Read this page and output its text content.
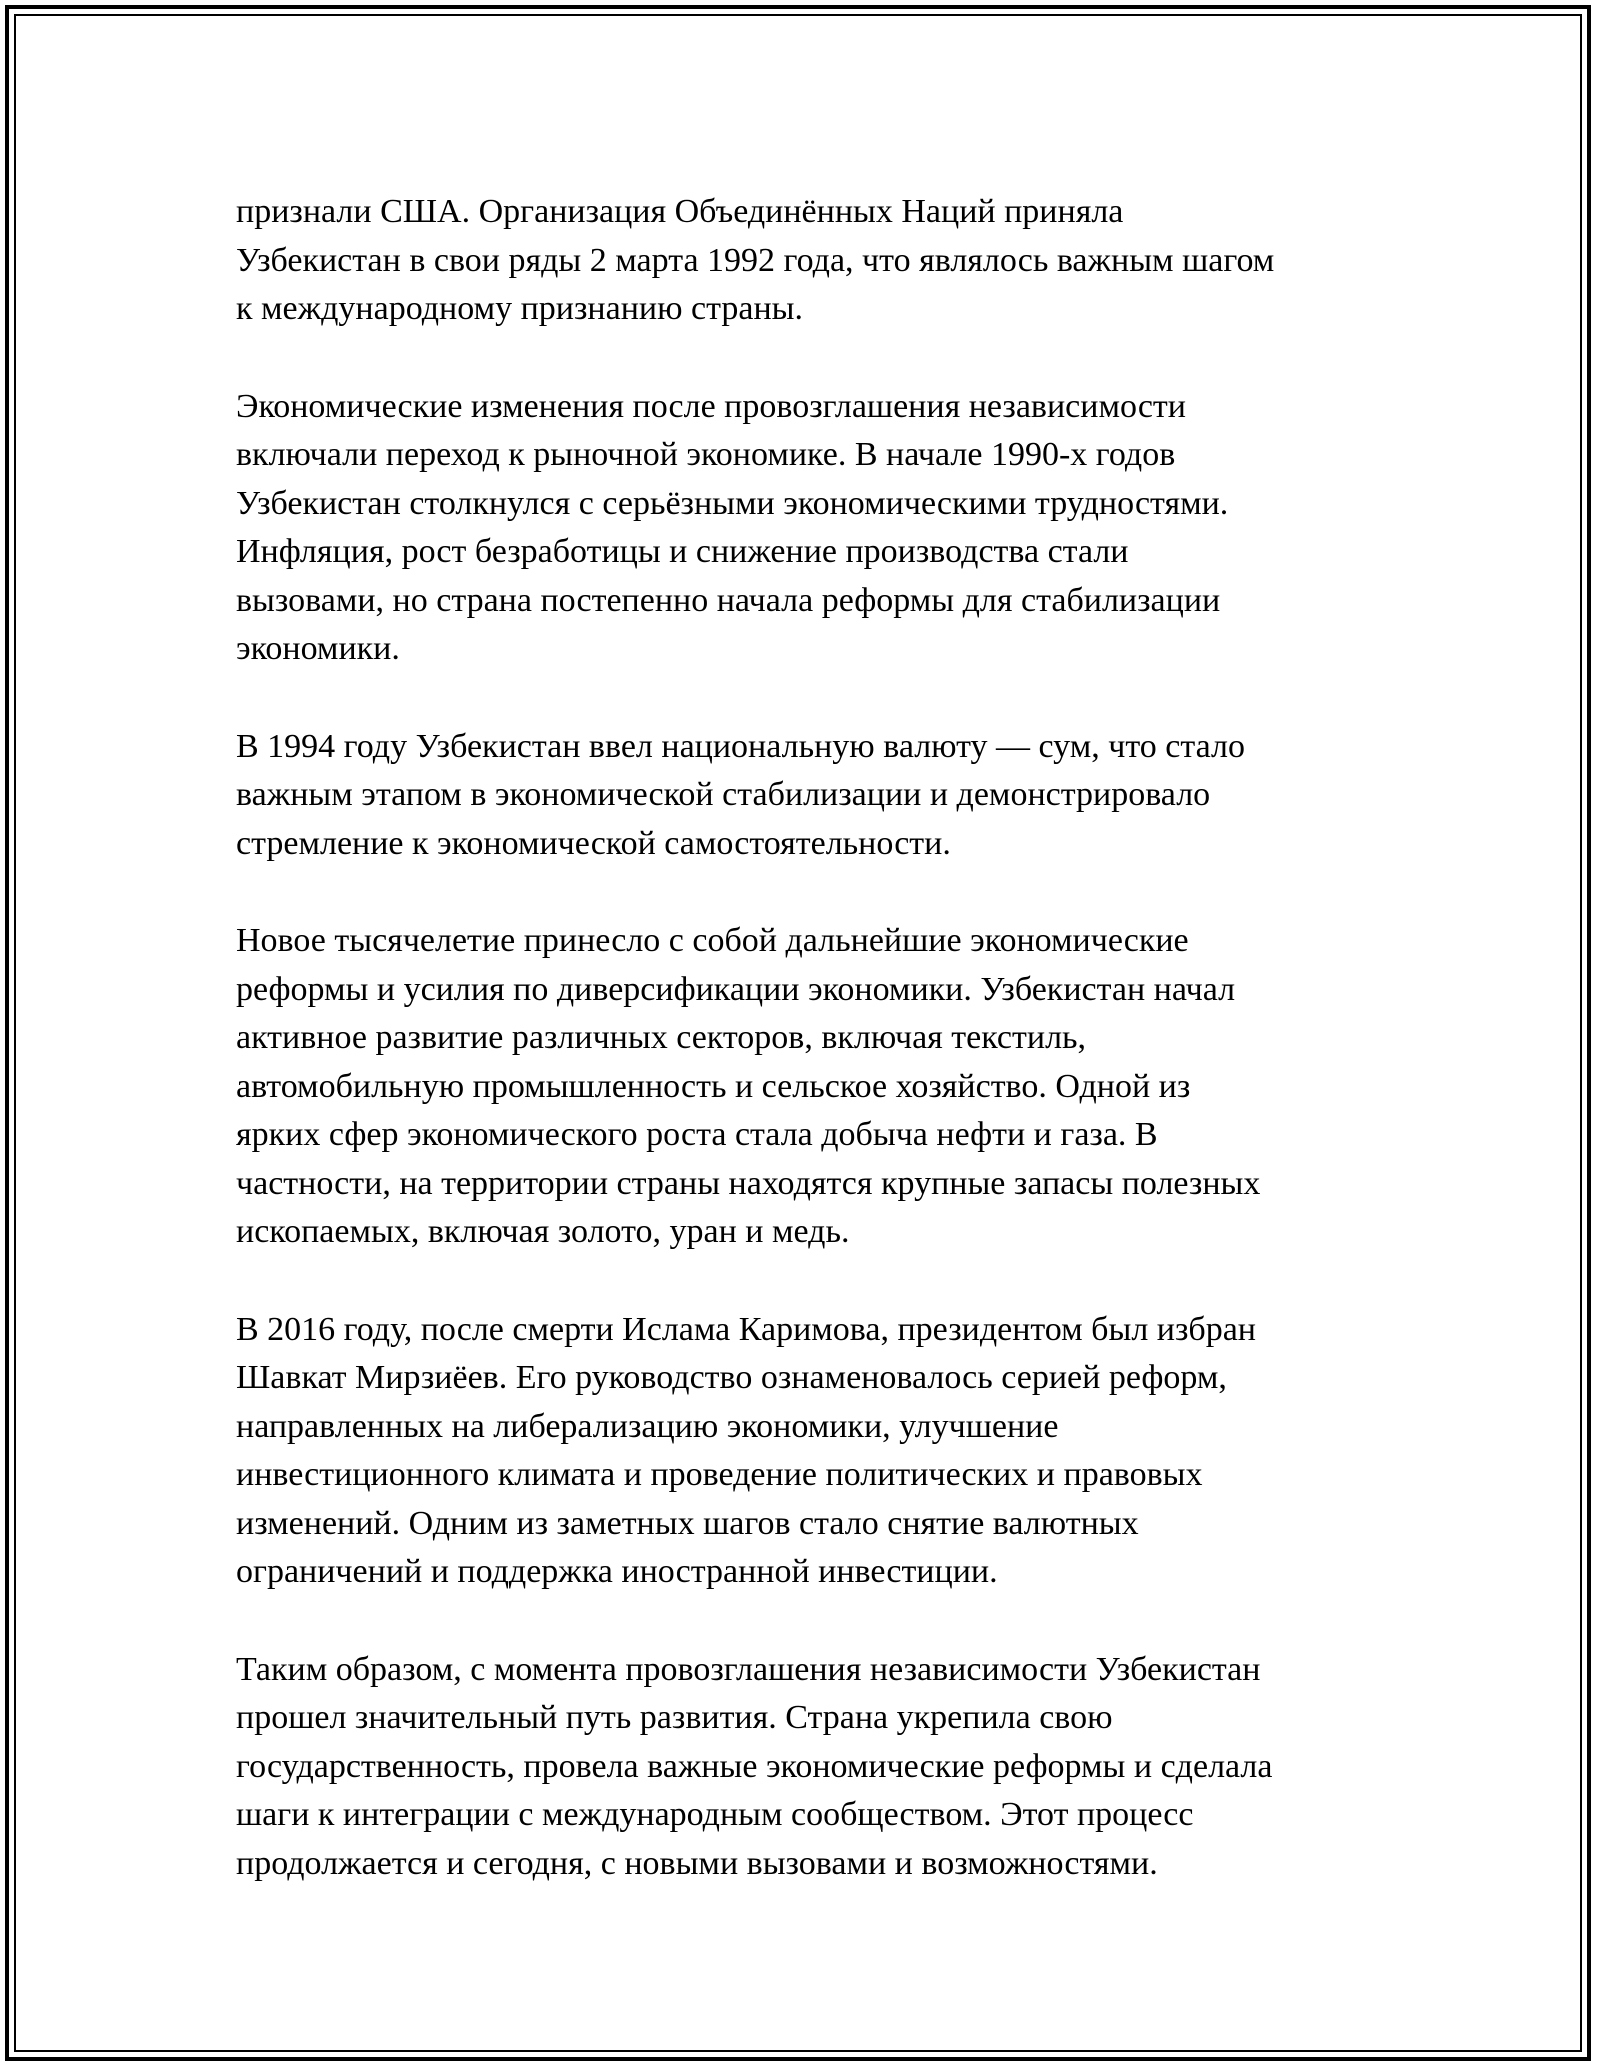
признали США. Организация Объединённых Наций приняла
Узбекистан в свои ряды 2 марта 1992 года, что являлось важным шагом
к международному признанию страны.

Экономические изменения после провозглашения независимости
включали переход к рыночной экономике. В начале 1990-х годов
Узбекистан столкнулся с серьёзными экономическими трудностями.
Инфляция, рост безработицы и снижение производства стали
вызовами, но страна постепенно начала реформы для стабилизации
экономики.

В 1994 году Узбекистан ввел национальную валюту — сум, что стало
важным этапом в экономической стабилизации и демонстрировало
стремление к экономической самостоятельности.

Новое тысячелетие принесло с собой дальнейшие экономические
реформы и усилия по диверсификации экономики. Узбекистан начал
активное развитие различных секторов, включая текстиль,
автомобильную промышленность и сельское хозяйство. Одной из
ярких сфер экономического роста стала добыча нефти и газа. В
частности, на территории страны находятся крупные запасы полезных
ископаемых, включая золото, уран и медь.

В 2016 году, после смерти Ислама Каримова, президентом был избран
Шавкат Мирзиёев. Его руководство ознаменовалось серией реформ,
направленных на либерализацию экономики, улучшение
инвестиционного климата и проведение политических и правовых
изменений. Одним из заметных шагов стало снятие валютных
ограничений и поддержка иностранной инвестиции.

Таким образом, с момента провозглашения независимости Узбекистан
прошел значительный путь развития. Страна укрепила свою
государственность, провела важные экономические реформы и сделала
шаги к интеграции с международным сообществом. Этот процесс
продолжается и сегодня, с новыми вызовами и возможностями.
